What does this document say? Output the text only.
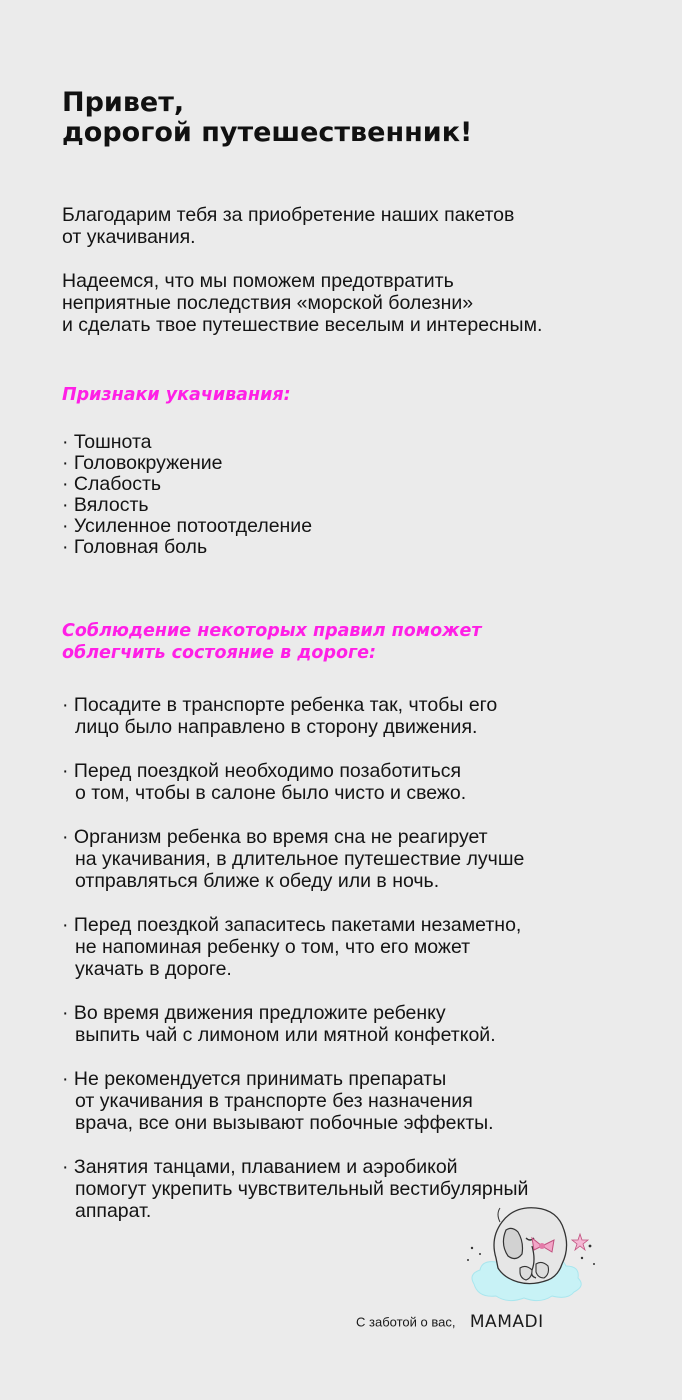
Привет,
дорогой путешественник!

Благодарим тебя за приобретение наших пакетов
от укачивания.

Надеемся, что мы поможем предотвратить
неприятные последствия «морской болезни»
и сделать твое путешествие веселым и интересным.

Признаки укачивания:
· Тошнота
· Головокружение
· Слабость
· Вялость
· Усиленное потоотделение
· Головная боль
Соблюдение некоторых правил поможет
облегчить состояние в дороге:
· Посадите в транспорте ребенка так, чтобы его
лицо было направлено в сторону движения.
· Перед поездкой необходимо позаботиться
о том, чтобы в салоне было чисто и свежо.
· Организм ребенка во время сна не реагирует
на укачивания, в длительное путешествие лучше
отправляться ближе к обеду или в ночь.
· Перед поездкой запаситесь пакетами незаметно,
не напоминая ребенку о том, что его может
укачать в дороге.
· Во время движения предложите ребенку
выпить чай с лимоном или мятной конфеткой.
· Не рекомендуется принимать препараты
от укачивания в транспорте без назначения
врача, все они вызывают побочные эффекты.
· Занятия танцами, плаванием и аэробикой
помогут укрепить чувствительный вестибулярный
аппарат.
С заботой о вас, MAMADI
